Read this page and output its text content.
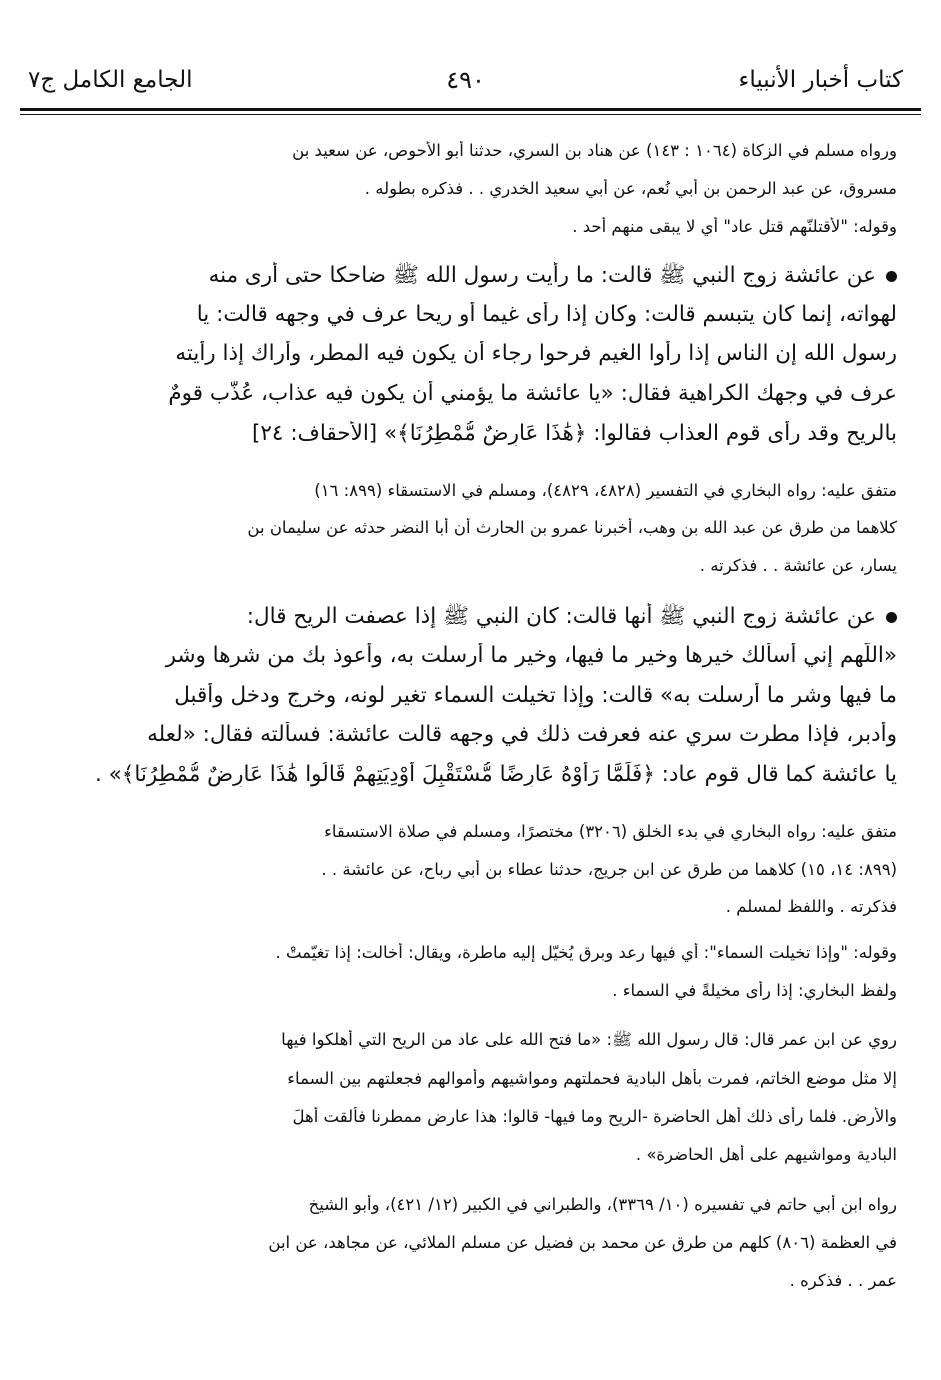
كتاب أخبار الأنبياء
٤٩٠
الجامع الكامل ج٧
ورواه مسلم في الزكاة (١٠٦٤ : ١٤٣) عن هناد بن السري، حدثنا أبو الأحوص، عن سعيد بن
مسروق، عن عبد الرحمن بن أبي نُعم، عن أبي سعيد الخدري . . فذكره بطوله .
وقوله: "لأقتلنّهم قتل عاد" أي لا يبقى منهم أحد .
عن عائشة زوج النبي ﷺ قالت: ما رأيت رسول الله ﷺ ضاحكا حتى أرى منه
لهواته، إنما كان يتبسم قالت: وكان إذا رأى غيما أو ريحا عرف في وجهه قالت: يا
رسول الله إن الناس إذا رأوا الغيم فرحوا رجاء أن يكون فيه المطر، وأراك إذا رأيته
عرف في وجهك الكراهية فقال: «يا عائشة ما يؤمني أن يكون فيه عذاب، عُذّب قومٌ
بالريح وقد رأى قوم العذاب فقالوا: ﴿هَٰذَا عَارِضٌ مُّمْطِرُنَا﴾» [الأحقاف: ٢٤]
متفق عليه: رواه البخاري في التفسير (٤٨٢٨، ٤٨٢٩)، ومسلم في الاستسقاء (٨٩٩: ١٦)
كلاهما من طرق عن عبد الله بن وهب، أخبرنا عمرو بن الحارث أن أبا النضر حدثه عن سليمان بن
يسار، عن عائشة . . فذكرته .
عن عائشة زوج النبي ﷺ أنها قالت: كان النبي ﷺ إذا عصفت الريح قال:
«اللّهم إني أسألك خيرها وخير ما فيها، وخير ما أرسلت به، وأعوذ بك من شرها وشر
ما فيها وشر ما أرسلت به» قالت: وإذا تخيلت السماء تغير لونه، وخرج ودخل وأقبل
وأدبر، فإذا مطرت سري عنه فعرفت ذلك في وجهه قالت عائشة: فسألته فقال: «لعله
يا عائشة كما قال قوم عاد: ﴿فَلَمَّا رَأَوْهُ عَارِضًا مُّسْتَقْبِلَ أَوْدِيَتِهِمْ قَالُوا هَٰذَا عَارِضٌ مُّمْطِرُنَا﴾» .
متفق عليه: رواه البخاري في بدء الخلق (٣٢٠٦) مختصرًا، ومسلم في صلاة الاستسقاء
(٨٩٩: ١٤، ١٥) كلاهما من طرق عن ابن جريج، حدثنا عطاء بن أبي رباح، عن عائشة . .
فذكرته . واللفظ لمسلم .
وقوله: "وإذا تخيلت السماء": أي فيها رعد وبرق يُخيّل إليه ماطرة، ويقال: أخالت: إذا تغيّمتْ .
ولفظ البخاري: إذا رأى مخيلةً في السماء .
روي عن ابن عمر قال: قال رسول الله ﷺ: «ما فتح الله على عاد من الريح التي أهلكوا فيها
إلا مثل موضع الخاتم، فمرت بأهل البادية فحملتهم ومواشيهم وأموالهم فجعلتهم بين السماء
والأرض. فلما رأى ذلك أهل الحاضرة -الريح وما فيها- قالوا: هذا عارض ممطرنا فألقت أهلَ
البادية ومواشيهم على أهل الحاضرة» .
رواه ابن أبي حاتم في تفسيره (١٠/ ٣٣٦٩)، والطبراني في الكبير (١٢/ ٤٢١)، وأبو الشيخ
في العظمة (٨٠٦) كلهم من طرق عن محمد بن فضيل عن مسلم الملائي، عن مجاهد، عن ابن
عمر . . فذكره .
